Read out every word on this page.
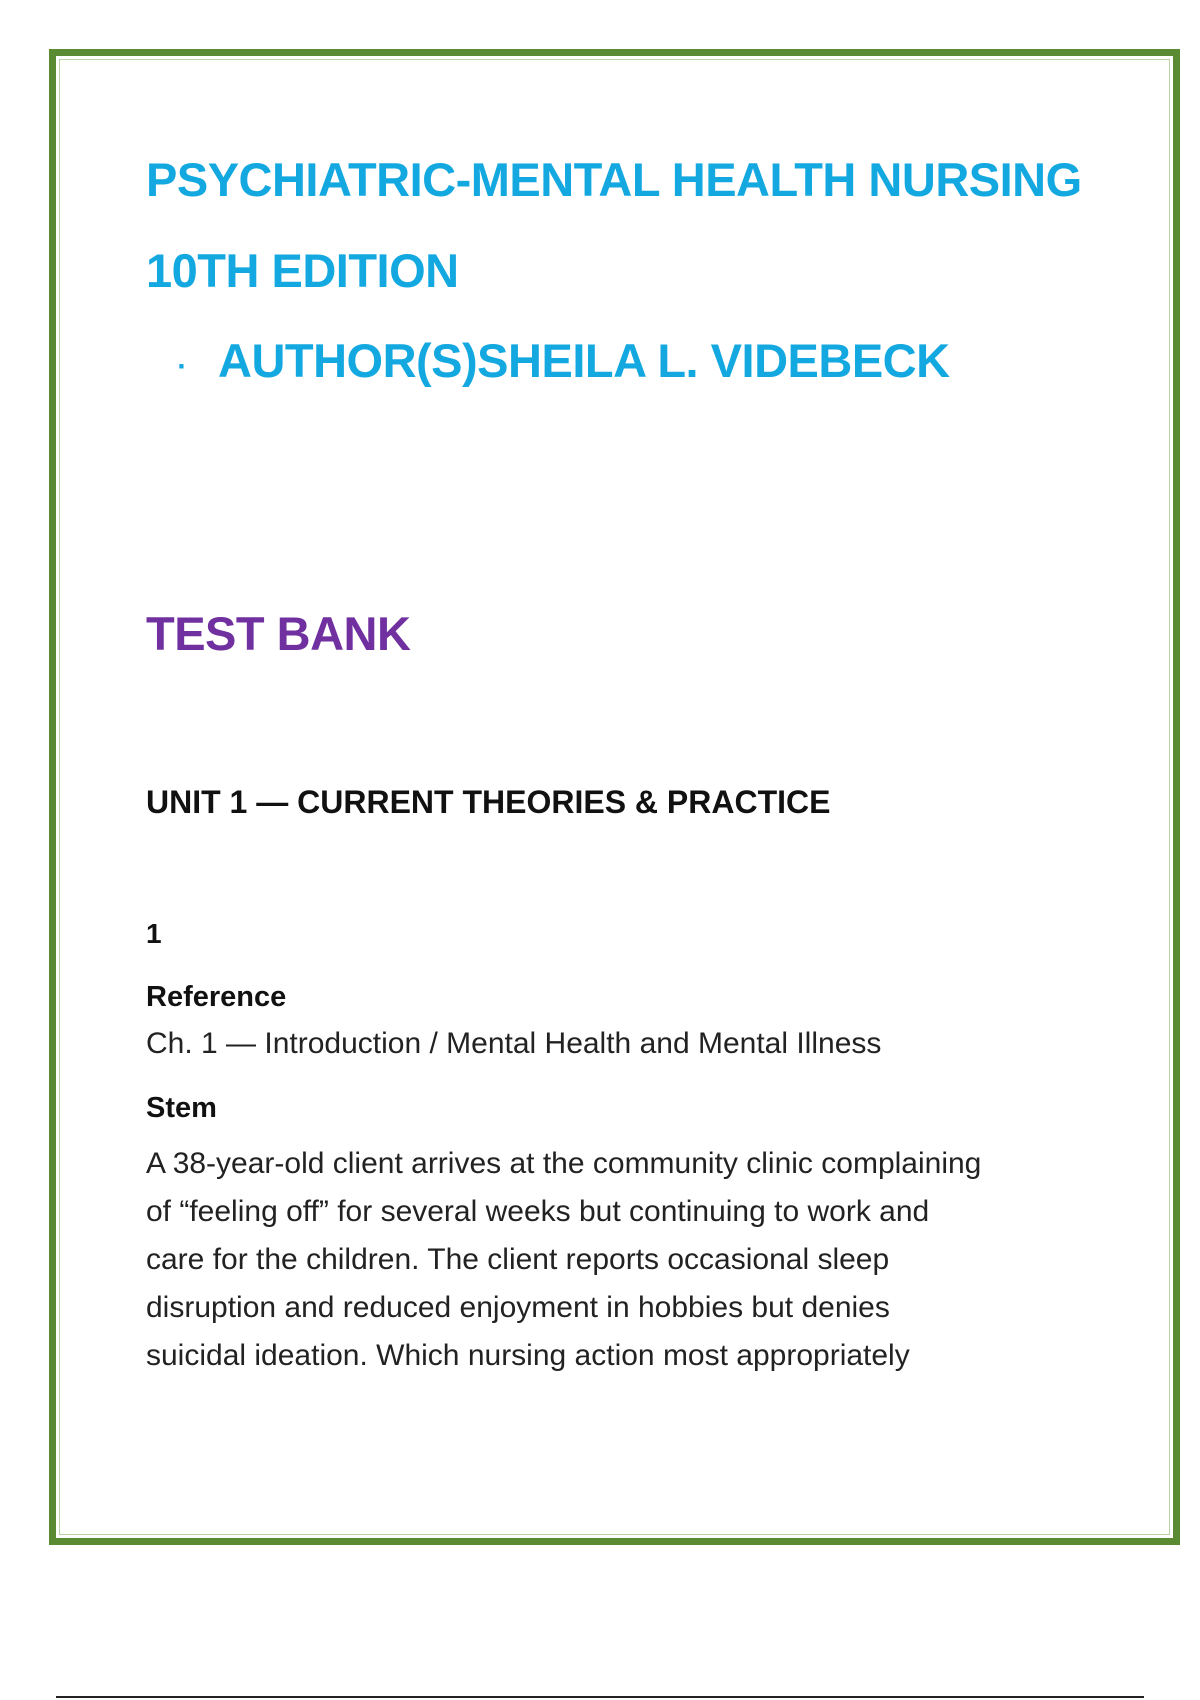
PSYCHIATRIC-MENTAL HEALTH NURSING
10TH EDITION
· AUTHOR(S)SHEILA L. VIDEBECK
TEST BANK
UNIT 1 — CURRENT THEORIES & PRACTICE
1
Reference
Ch. 1 — Introduction / Mental Health and Mental Illness
Stem
A 38-year-old client arrives at the community clinic complaining
of “feeling off” for several weeks but continuing to work and
care for the children. The client reports occasional sleep
disruption and reduced enjoyment in hobbies but denies
suicidal ideation. Which nursing action most appropriately
